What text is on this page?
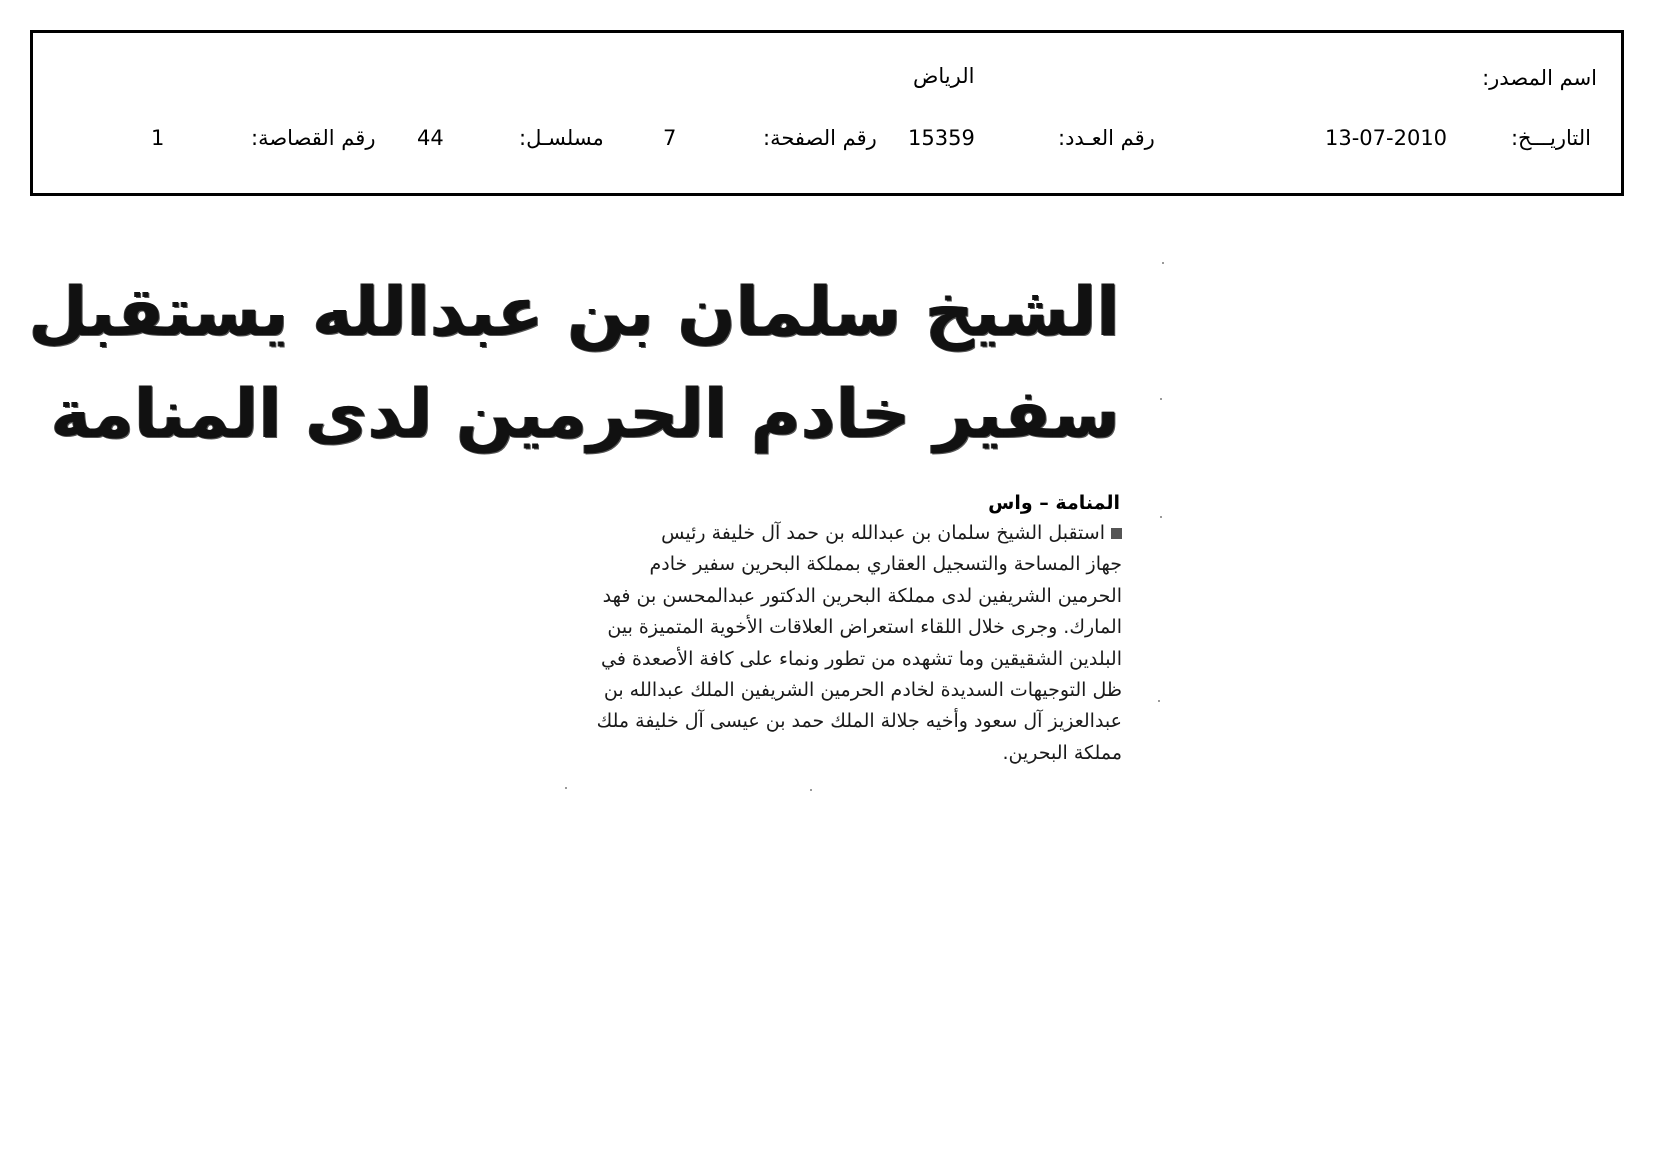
اسم المصدر:
الرياض
التاريـــخ:
13-07-2010
رقم العـدد:
15359
رقم الصفحة:
7
مسلسـل:
44
رقم القصاصة:
1
الشيخ سلمان بن عبدالله يستقبل
سفير خادم الحرمين لدى المنامة
المنامة – واس
استقبل الشيخ سلمان بن عبدالله بن حمد آل خليفة رئيس
جهاز المساحة والتسجيل العقاري بمملكة البحرين سفير خادم
الحرمين الشريفين لدى مملكة البحرين الدكتور عبدالمحسن بن فهد
المارك. وجرى خلال اللقاء استعراض العلاقات الأخوية المتميزة بين
البلدين الشقيقين وما تشهده من تطور ونماء على كافة الأصعدة في
ظل التوجيهات السديدة لخادم الحرمين الشريفين الملك عبدالله بن
عبدالعزيز آل سعود وأخيه جلالة الملك حمد بن عيسى آل خليفة ملك
مملكة البحرين.
